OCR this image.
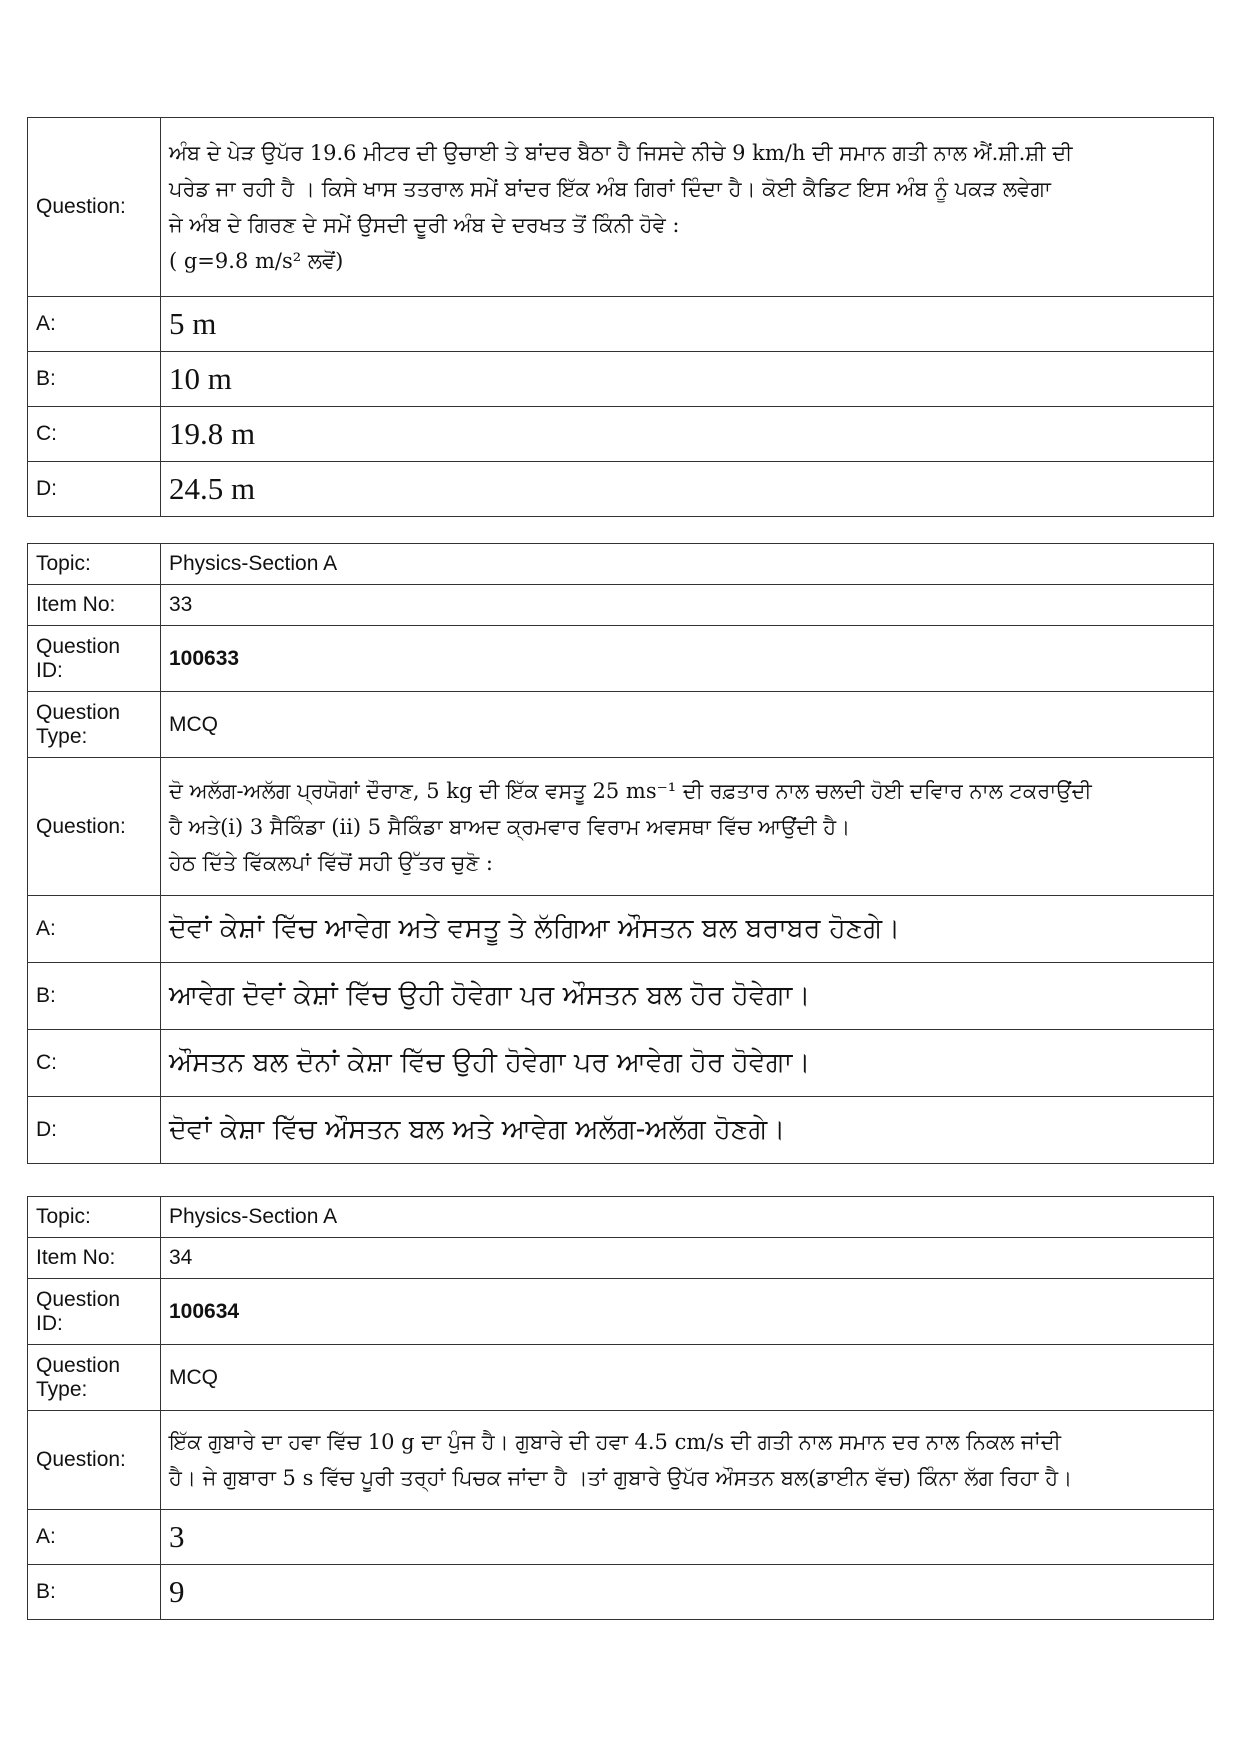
Question:	ਅੰਬ ਦੇ ਪੇੜ ਉਪੱਰ 19.6 ਮੀਟਰ ਦੀ ਉਚਾਈ ਤੇ ਬਾਂਦਰ ਬੈਠਾ ਹੈ ਜਿਸਦੇ ਨੀਚੇ 9 km/h ਦੀ ਸਮਾਨ ਗਤੀ ਨਾਲ ਐਂ.ਸ਼ੀ.ਸ਼ੀ ਦੀ

ਪਰੇਡ ਜਾ ਰਹੀ ਹੈ । ਕਿਸੇ ਖਾਸ ਤਤਰਾਲ ਸਮੇਂ ਬਾਂਦਰ ਇੱਕ ਅੰਬ ਗਿਰਾਂ ਦਿੰਦਾ ਹੈ। ਕੋਈ ਕੈਡਿਟ ਇਸ ਅੰਬ ਨੂੰ ਪਕੜ ਲਵੇਗਾ

ਜੇ ਅੰਬ ਦੇ ਗਿਰਣ ਦੇ ਸਮੇਂ ਉਸਦੀ ਦੂਰੀ ਅੰਬ ਦੇ ਦਰਖਤ ਤੋਂ ਕਿੰਨੀ ਹੋਵੇ :

( g=9.8 m/s² ਲਵੋਂ)

A:	5 m
B:	10 m
C:	19.8 m
D:	24.5 m
Topic:	Physics-Section A
Item No:	33
Question ID:	100633
Question Type:	MCQ
Question:	ਦੋ ਅਲੱਗ-ਅਲੱਗ ਪ੍ਰਯੋਗਾਂ ਦੌਰਾਣ, 5 kg ਦੀ ਇੱਕ ਵਸਤੂ 25 ms⁻¹ ਦੀ ਰਫ਼ਤਾਰ ਨਾਲ ਚਲਦੀ ਹੋਈ ਦਵਿਾਰ ਨਾਲ ਟਕਰਾਉਂਦੀ

ਹੈ ਅਤੇ(i) 3 ਸੈਕਿੰਡਾ (ii) 5 ਸੈਕਿੰਡਾ ਬਾਅਦ ਕ੍ਰਮਵਾਰ ਵਿਰਾਮ ਅਵਸਥਾ ਵਿੱਚ ਆਉਂਦੀ ਹੈ।

ਹੇਠ ਦਿੱਤੇ ਵਿੱਕਲਪਾਂ ਵਿੱਚੋਂ ਸਹੀ ਉੱਤਰ ਚੁਣੋ :

A:	ਦੋਵਾਂ ਕੇਸ਼ਾਂ ਵਿੱਚ ਆਵੇਗ ਅਤੇ ਵਸਤੂ ਤੇ ਲੱਗਿਆ ਔਸਤਨ ਬਲ ਬਰਾਬਰ ਹੋਣਗੇ।
B:	ਆਵੇਗ ਦੋਵਾਂ ਕੇਸ਼ਾਂ ਵਿੱਚ ਉਹੀ ਹੋਵੇਗਾ ਪਰ ਔਸਤਨ ਬਲ ਹੋਰ ਹੋਵੇਗਾ।
C:	ਔਸਤਨ ਬਲ ਦੋਨਾਂ ਕੇਸ਼ਾ ਵਿੱਚ ਉਹੀ ਹੋਵੇਗਾ ਪਰ ਆਵੇਗ ਹੋਰ ਹੋਵੇਗਾ।
D:	ਦੋਵਾਂ ਕੇਸ਼ਾ ਵਿੱਚ ਔਸਤਨ ਬਲ ਅਤੇ ਆਵੇਗ ਅਲੱਗ-ਅਲੱਗ ਹੋਣਗੇ।
Topic:	Physics-Section A
Item No:	34
Question ID:	100634
Question Type:	MCQ
Question:	ਇੱਕ ਗੁਬਾਰੇ ਦਾ ਹਵਾ ਵਿੱਚ 10 g ਦਾ ਪੁੰਜ ਹੈ। ਗੁਬਾਰੇ ਦੀ ਹਵਾ 4.5 cm/s ਦੀ ਗਤੀ ਨਾਲ ਸਮਾਨ ਦਰ ਨਾਲ ਨਿਕਲ ਜਾਂਦੀ

ਹੈ। ਜੇ ਗੁਬਾਰਾ 5 s ਵਿੱਚ ਪੂਰੀ ਤਰ੍ਹਾਂ ਪਿਚਕ ਜਾਂਦਾ ਹੈ ।ਤਾਂ ਗੁਬਾਰੇ ਉਪੱਰ ਔਸਤਨ ਬਲ(ਡਾਈਨ ਵੱਚ) ਕਿੰਨਾ ਲੱਗ ਰਿਹਾ ਹੈ।

A:	3
B:	9
